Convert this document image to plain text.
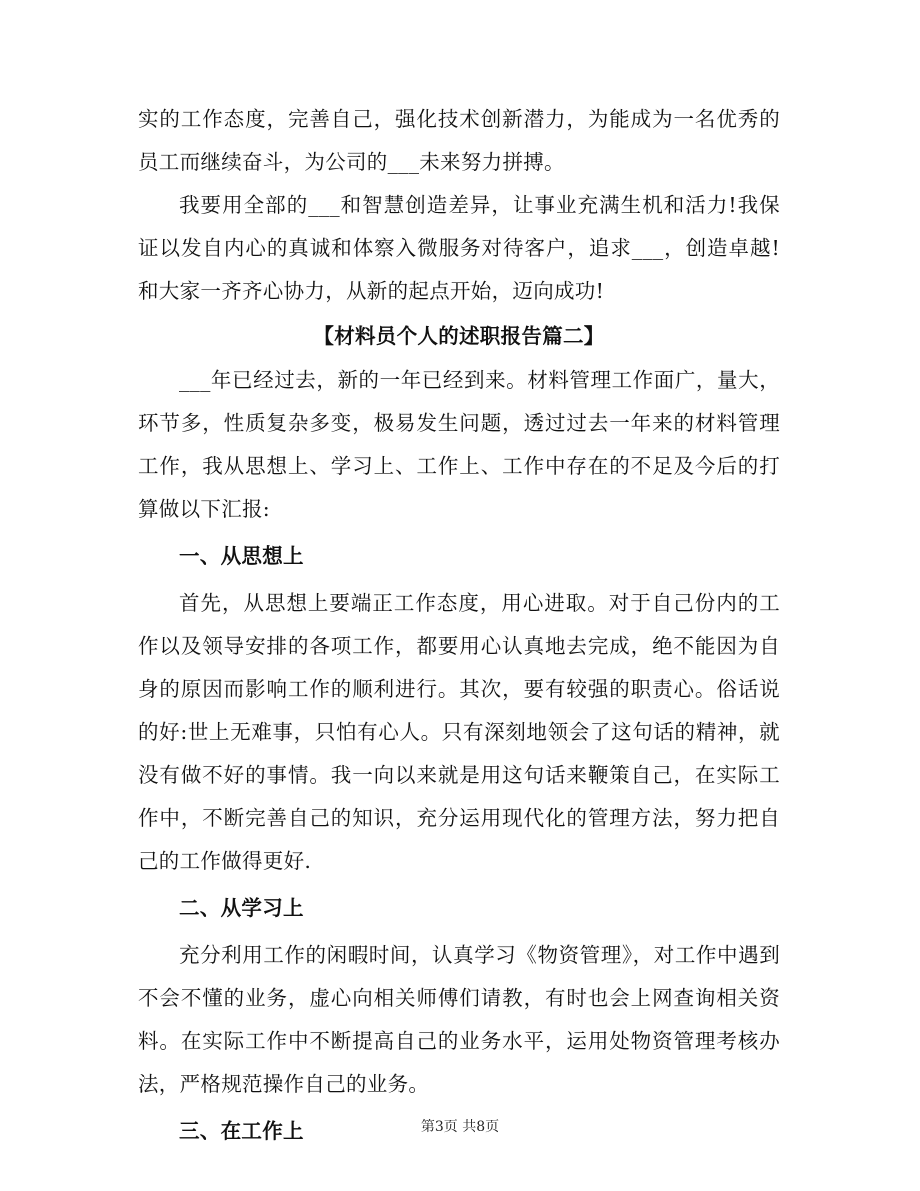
实的工作态度，完善自己，强化技术创新潜力，为能成为一名优秀的员工而继续奋斗，为公司的___未来努力拼搏。

我要用全部的___和智慧创造差异，让事业充满生机和活力!我保证以发自内心的真诚和体察入微服务对待客户，追求___，创造卓越!和大家一齐齐心协力，从新的起点开始，迈向成功!

【材料员个人的述职报告篇二】

___年已经过去，新的一年已经到来。材料管理工作面广，量大，环节多，性质复杂多变，极易发生问题，透过过去一年来的材料管理工作，我从思想上、学习上、工作上、工作中存在的不足及今后的打算做以下汇报:

一、从思想上

首先，从思想上要端正工作态度，用心进取。对于自己份内的工作以及领导安排的各项工作，都要用心认真地去完成，绝不能因为自身的原因而影响工作的顺利进行。其次，要有较强的职责心。俗话说的好:世上无难事，只怕有心人。只有深刻地领会了这句话的精神，就没有做不好的事情。我一向以来就是用这句话来鞭策自己，在实际工作中，不断完善自己的知识，充分运用现代化的管理方法，努力把自己的工作做得更好.

二、从学习上

充分利用工作的闲暇时间，认真学习《物资管理》，对工作中遇到不会不懂的业务，虚心向相关师傅们请教，有时也会上网查询相关资料。在实际工作中不断提高自己的业务水平，运用处物资管理考核办法，严格规范操作自己的业务。

三、在工作上	第3页 共8页
